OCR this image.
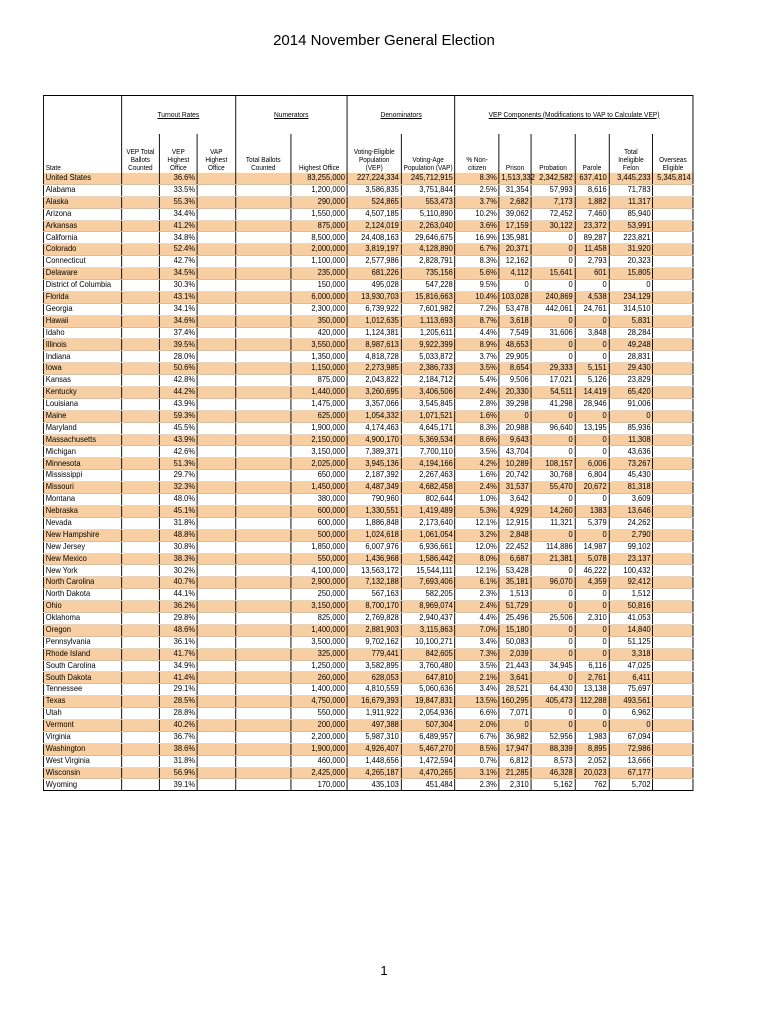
2014 November General Election
	Turnout Rates			Numerators		Denominators		VEP Components (Modifications to VAP to Calculate VEP)					
State	VEP Total Ballots Counted	VEP Highest Office	VAP Highest Office	Total Ballots Counted	Highest Office	Voting-Eligible Population (VEP)	Voting-Age Population (VAP)	% Non-citizen	Prison	Probation	Parole	Total Ineligible Felon	Overseas Eligible
United States		36.6%			83,255,000	227,224,334	245,712,915	8.3%	1,513,332	2,342,582	637,410	3,445,233	5,345,814
Alabama		33.5%			1,200,000	3,586,835	3,751,844	2.5%	31,354	57,993	8,616	71,783	
Alaska		55.3%			290,000	524,865	553,473	3.7%	2,682	7,173	1,882	11,317	
Arizona		34.4%			1,550,000	4,507,185	5,110,890	10.2%	39,062	72,452	7,460	85,940	
Arkansas		41.2%			875,000	2,124,019	2,263,040	3.6%	17,159	30,122	23,372	53,991	
California		34.8%			8,500,000	24,408,163	29,646,675	16.9%	135,981	0	89,287	223,821	
Colorado		52.4%			2,000,000	3,819,197	4,128,890	6.7%	20,371	0	11,458	31,920	
Connecticut		42.7%			1,100,000	2,577,986	2,828,791	8.3%	12,162	0	2,793	20,323	
Delaware		34.5%			235,000	681,226	735,156	5.6%	4,112	15,641	601	15,805	
District of Columbia		30.3%			150,000	495,028	547,228	9.5%	0	0	0	0	
Florida		43.1%			6,000,000	13,930,703	15,816,663	10.4%	103,028	240,869	4,538	234,129	
Georgia		34.1%			2,300,000	6,739,922	7,601,982	7.2%	53,478	442,061	24,761	314,510	
Hawaii		34.6%			350,000	1,012,635	1,113,693	8.7%	3,618	0	0	5,831	
Idaho		37.4%			420,000	1,124,381	1,205,611	4.4%	7,549	31,606	3,848	28,284	
Illinois		39.5%			3,550,000	8,987,613	9,922,399	8.9%	48,653	0	0	49,248	
Indiana		28.0%			1,350,000	4,818,728	5,033,872	3.7%	29,905	0	0	28,831	
Iowa		50.6%			1,150,000	2,273,985	2,386,733	3.5%	8,654	29,333	5,151	29,430	
Kansas		42.8%			875,000	2,043,822	2,184,712	5.4%	9,506	17,021	5,126	23,829	
Kentucky		44.2%			1,440,000	3,260,695	3,406,506	2.4%	20,330	54,511	14,419	65,420	
Louisiana		43.9%			1,475,000	3,357,066	3,545,845	2.8%	39,298	41,298	28,946	91,006	
Maine		59.3%			625,000	1,054,332	1,071,521	1.6%	0	0	0	0	
Maryland		45.5%			1,900,000	4,174,463	4,645,171	8.3%	20,988	96,640	13,195	85,936	
Massachusetts		43.9%			2,150,000	4,900,170	5,369,534	8.6%	9,643	0	0	11,308	
Michigan		42.6%			3,150,000	7,389,371	7,700,110	3.5%	43,704	0	0	43,636	
Minnesota		51.3%			2,025,000	3,945,136	4,194,166	4.2%	10,289	108,157	6,006	73,267	
Mississippi		29.7%			650,000	2,187,392	2,267,463	1.6%	20,742	30,768	6,804	45,430	
Missouri		32.3%			1,450,000	4,487,349	4,682,458	2.4%	31,537	55,470	20,672	81,318	
Montana		48.0%			380,000	790,960	802,644	1.0%	3,642	0	0	3,609	
Nebraska		45.1%			600,000	1,330,551	1,419,489	5.3%	4,929	14,260	1383	13,646	
Nevada		31.8%			600,000	1,886,848	2,173,640	12.1%	12,915	11,321	5,379	24,262	
New Hampshire		48.8%			500,000	1,024,618	1,061,054	3.2%	2,848	0	0	2,790	
New Jersey		30.8%			1,850,000	6,007,976	6,936,661	12.0%	22,452	114,886	14,987	99,102	
New Mexico		38.3%			550,000	1,436,968	1,586,442	8.0%	6,687	21,381	5,078	23,137	
New York		30.2%			4,100,000	13,563,172	15,544,111	12.1%	53,428	0	46,222	100,432	
North Carolina		40.7%			2,900,000	7,132,188	7,693,406	6.1%	35,181	96,070	4,359	92,412	
North Dakota		44.1%			250,000	567,163	582,205	2.3%	1,513	0	0	1,512	
Ohio		36.2%			3,150,000	8,700,170	8,969,074	2.4%	51,729	0	0	50,816	
Oklahoma		29.8%			825,000	2,769,828	2,940,437	4.4%	25,496	25,506	2,310	41,053	
Oregon		48.6%			1,400,000	2,881,903	3,115,863	7.0%	15,180	0	0	14,840	
Pennsylvania		36.1%			3,500,000	9,702,162	10,100,271	3.4%	50,083	0	0	51,125	
Rhode Island		41.7%			325,000	779,441	842,605	7.3%	2,039	0	0	3,318	
South Carolina		34.9%			1,250,000	3,582,895	3,760,480	3.5%	21,443	34,945	6,116	47,025	
South Dakota		41.4%			260,000	628,053	647,810	2.1%	3,641	0	2,761	6,411	
Tennessee		29.1%			1,400,000	4,810,559	5,060,636	3.4%	28,521	64,430	13,138	75,697	
Texas		28.5%			4,750,000	16,679,393	19,847,831	13.5%	160,295	405,473	112,288	493,561	
Utah		28.8%			550,000	1,911,922	2,054,936	6.6%	7,071	0	0	6,962	
Vermont		40.2%			200,000	497,388	507,304	2.0%	0	0	0	0	
Virginia		36.7%			2,200,000	5,987,310	6,489,957	6.7%	36,982	52,956	1,983	67,094	
Washington		38.6%			1,900,000	4,926,407	5,467,270	8.5%	17,947	88,339	8,895	72,986	
West Virginia		31.8%			460,000	1,448,656	1,472,594	0.7%	6,812	8,573	2,052	13,666	
Wisconsin		56.9%			2,425,000	4,265,187	4,470,265	3.1%	21,285	46,328	20,023	67,177	
Wyoming		39.1%			170,000	435,103	451,484	2.3%	2,310	5,162	762	5,702	
1
